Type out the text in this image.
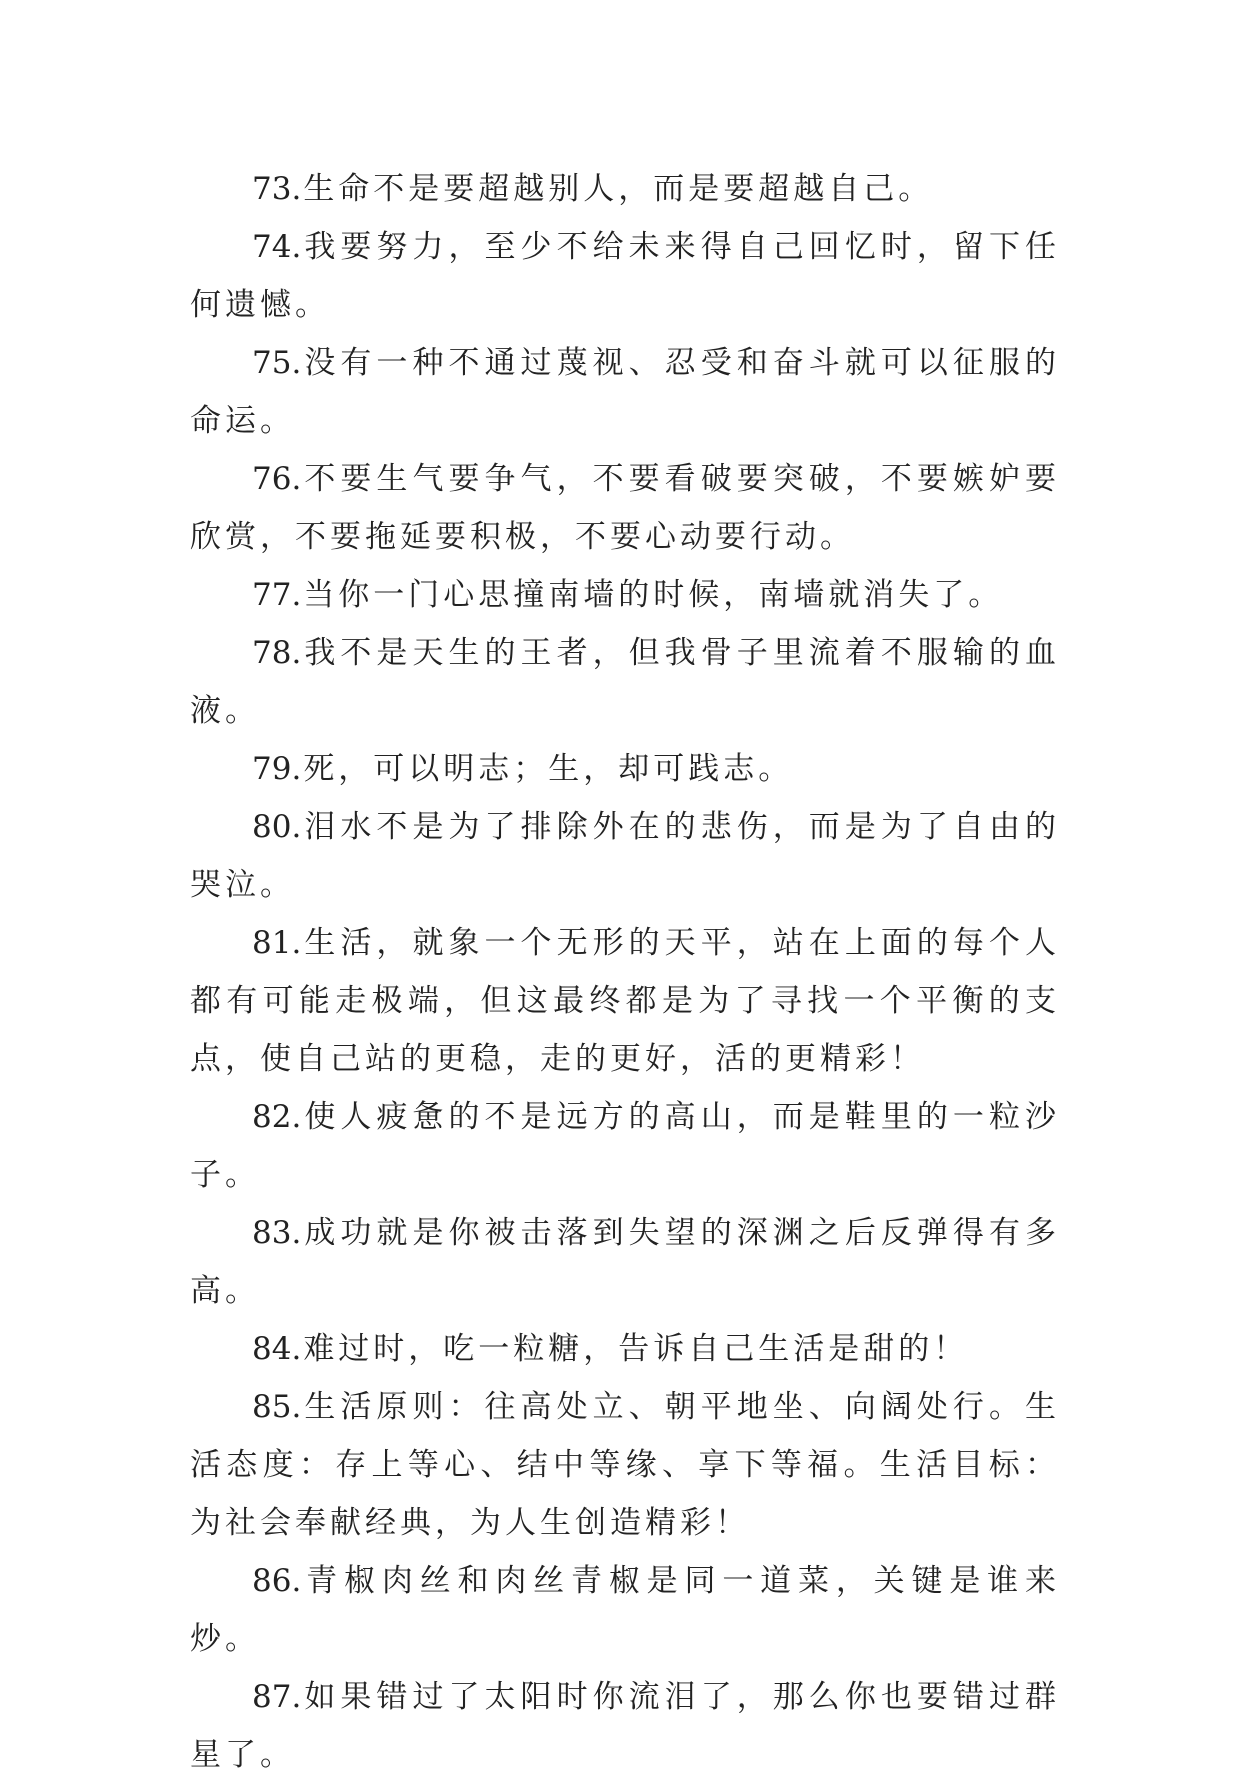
73.生命不是要超越别人，而是要超越自己。

74.我要努力，至少不给未来得自己回忆时，留下任何遗憾。

75.没有一种不通过蔑视、忍受和奋斗就可以征服的命运。

76.不要生气要争气，不要看破要突破，不要嫉妒要欣赏，不要拖延要积极，不要心动要行动。

77.当你一门心思撞南墙的时候，南墙就消失了。

78.我不是天生的王者，但我骨子里流着不服输的血液。

79.死，可以明志；生，却可践志。

80.泪水不是为了排除外在的悲伤，而是为了自由的哭泣。

81.生活，就象一个无形的天平，站在上面的每个人都有可能走极端，但这最终都是为了寻找一个平衡的支点，使自己站的更稳，走的更好，活的更精彩！

82.使人疲惫的不是远方的高山，而是鞋里的一粒沙子。

83.成功就是你被击落到失望的深渊之后反弹得有多高。

84.难过时，吃一粒糖，告诉自己生活是甜的！

85.生活原则：往高处立、朝平地坐、向阔处行。生活态度：存上等心、结中等缘、享下等福。生活目标：为社会奉献经典，为人生创造精彩！

86.青椒肉丝和肉丝青椒是同一道菜，关键是谁来炒。

87.如果错过了太阳时你流泪了，那么你也要错过群星了。
